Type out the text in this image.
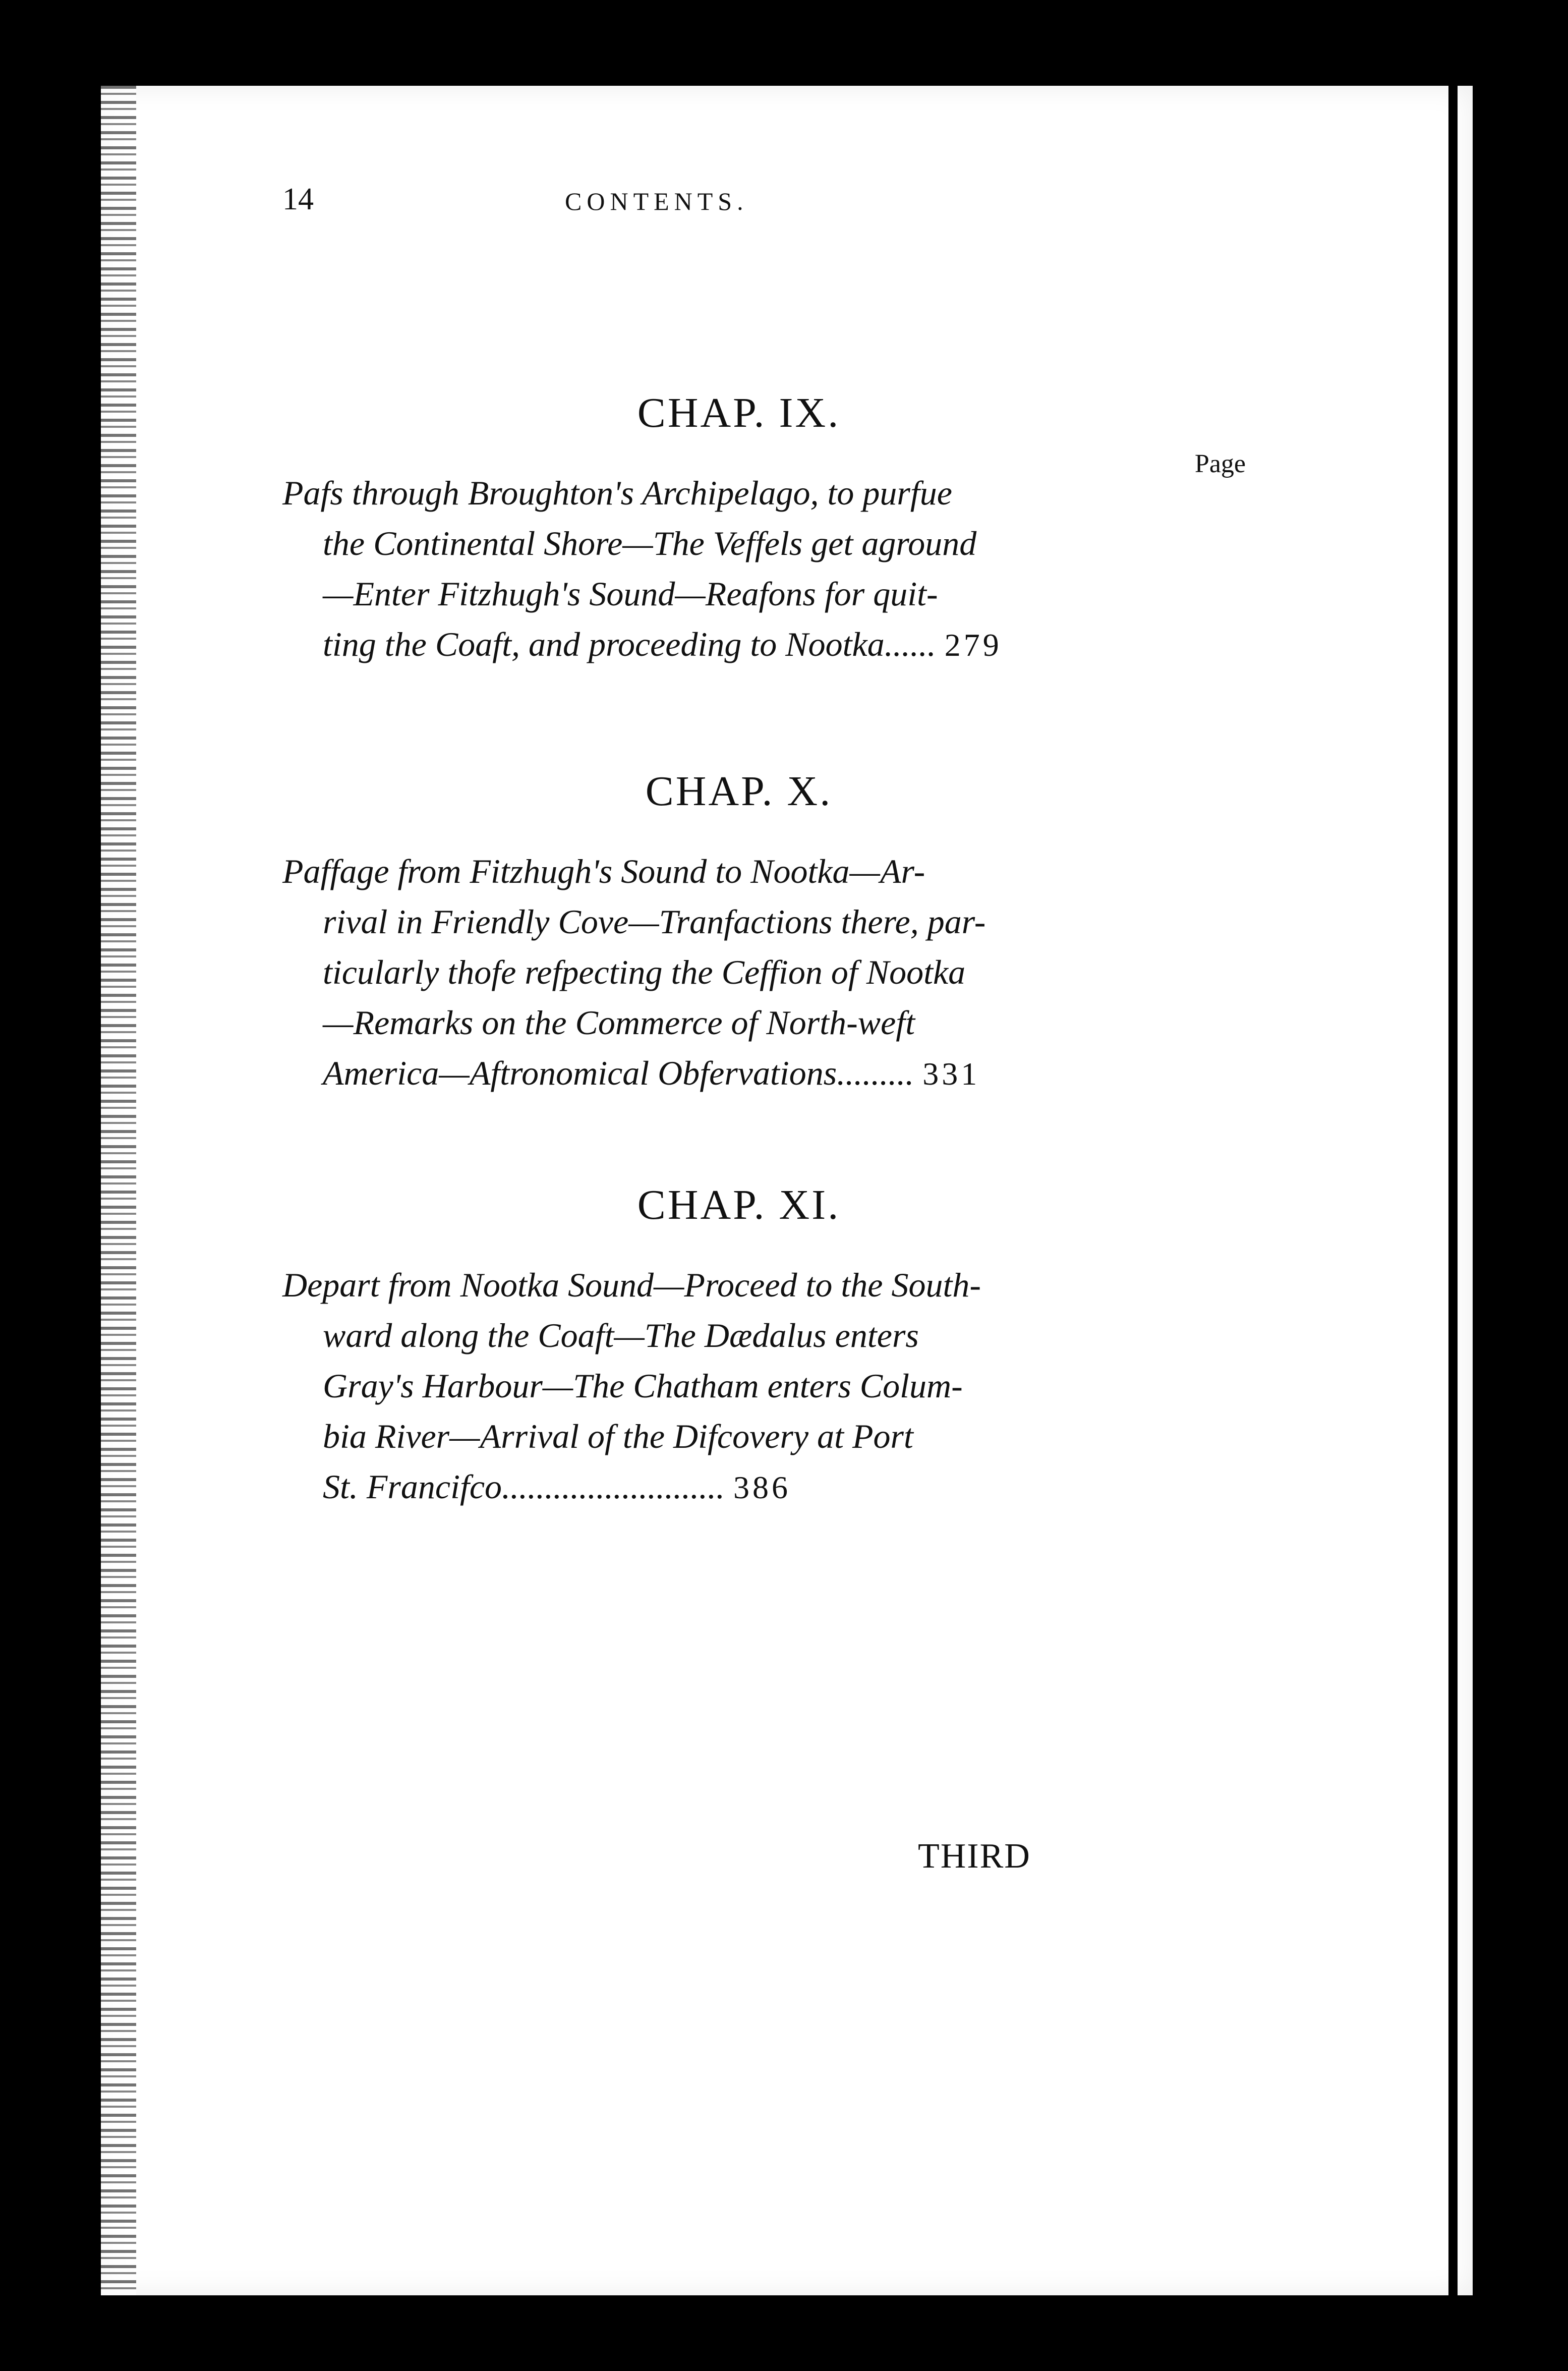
14	CONTENTS.
CHAP. IX.
Page

Pafs through Broughton's Archipelago, to purfue
the Continental Shore—The Veffels get aground
—Enter Fitzhugh's Sound—Reafons for quit-
ting the Coaft, and proceeding to Nootka...... 279

CHAP. X.

Paffage from Fitzhugh's Sound to Nootka—Ar-
rival in Friendly Cove—Tranfactions there, par-
ticularly thofe refpecting the Ceffion of Nootka
—Remarks on the Commerce of North-weft
America—Aftronomical Obfervations......... 331

CHAP. XI.

Depart from Nootka Sound—Proceed to the South-
ward along the Coaft—The Dædalus enters
Gray's Harbour—The Chatham enters Colum-
bia River—Arrival of the Difcovery at Port
St. Francifco.......................... 386

THIRD
